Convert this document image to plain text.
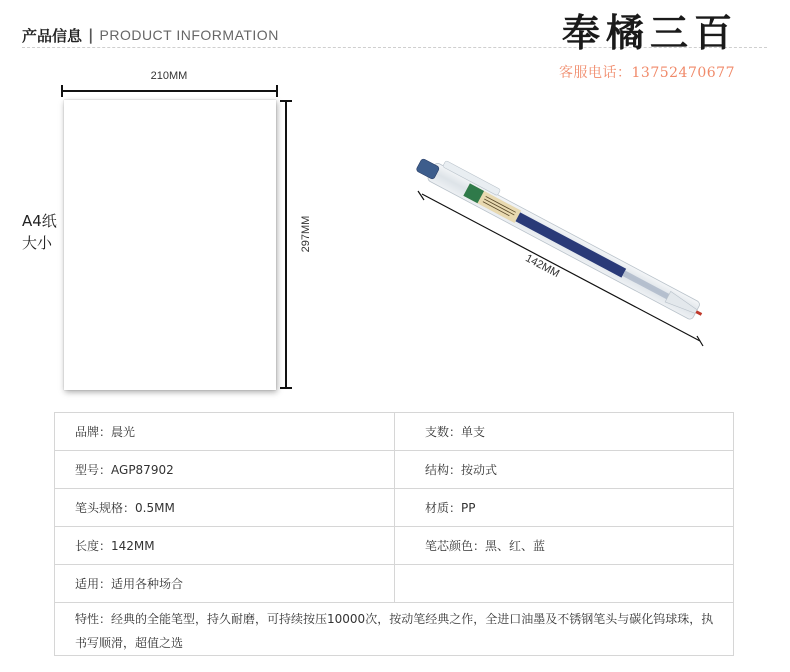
产品信息 | PRODUCT INFORMATION	奉橘三百
客服电话：13752470677
210MM
297MM
A4纸
大小
142MM
品牌：晨光	支数：单支
型号：AGP87902	结构：按动式
笔头规格：0.5MM	材质：PP
长度：142MM	笔芯颜色：黑、红、蓝
适用：适用各种场合	
特性：经典的全能笔型，持久耐磨，可持续按压10000次，按动笔经典之作，全进口油墨及不锈钢笔头与碳化钨球珠，执书写顺滑，超值之选	
